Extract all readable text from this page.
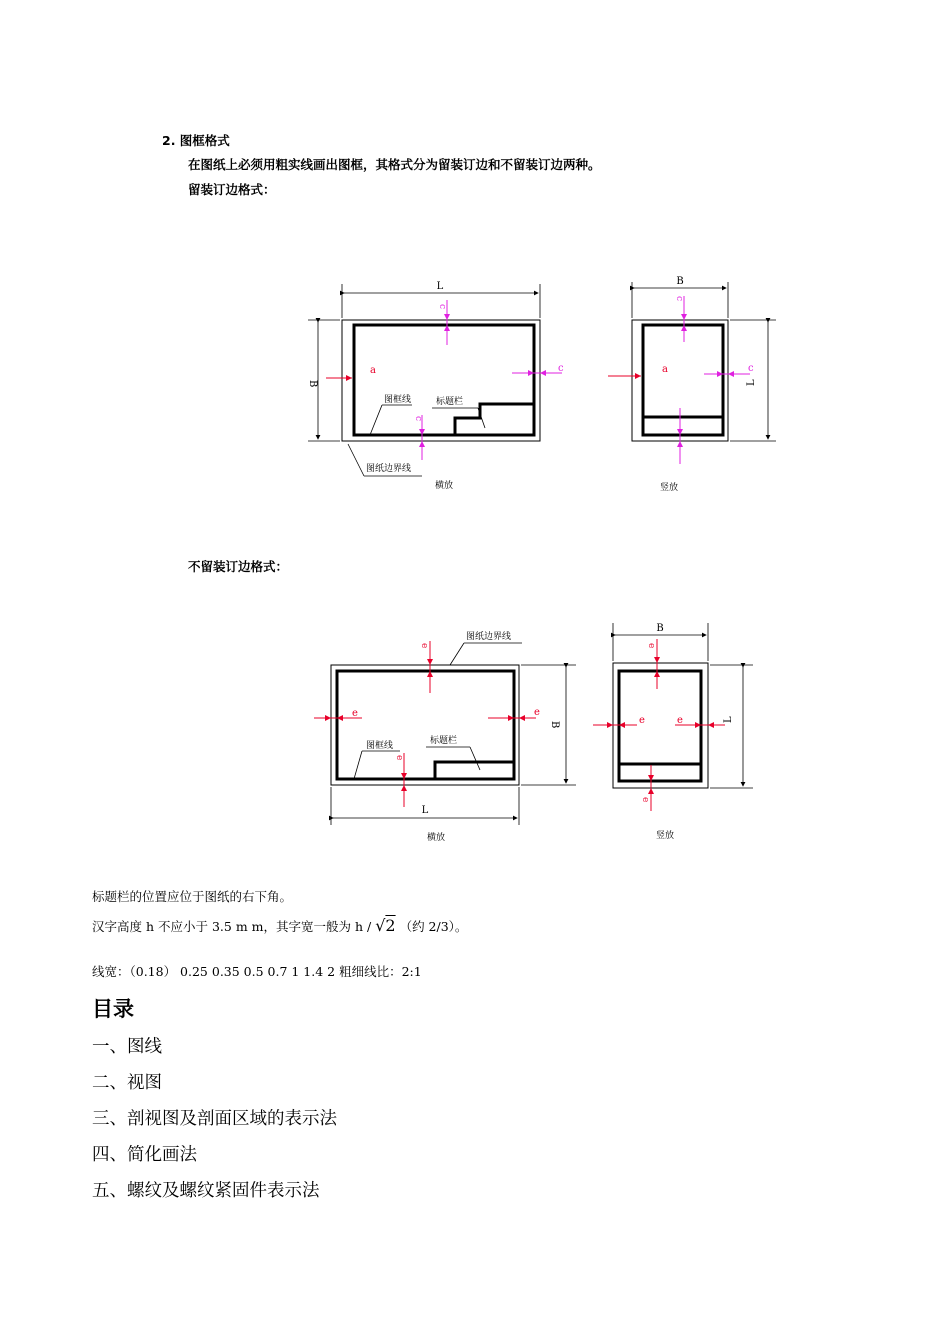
2. 图框格式
在图纸上必须用粗实线画出图框，其格式分为留装订边和不留装订边两种。
留装订边格式：
L
B
a
c
c
c
图框线	标题栏
图纸边界线
横放
B
L
a
c
c
竖放
不留装订边格式：
B
L
e
e	e
e
图纸边界线
图框线	标题栏
横放
B
L
e
e	e
e
竖放
标题栏的位置应位于图纸的右下角。
汉字高度 h 不应小于 3.5 m m，其字宽一般为 h / √2 （约 2/3）。
线宽：（0.18） 0.25 0.35 0.5 0.7 1 1.4 2 粗细线比：2:1
目录
一、图线
二、视图
三、剖视图及剖面区域的表示法
四、简化画法
五、螺纹及螺纹紧固件表示法
